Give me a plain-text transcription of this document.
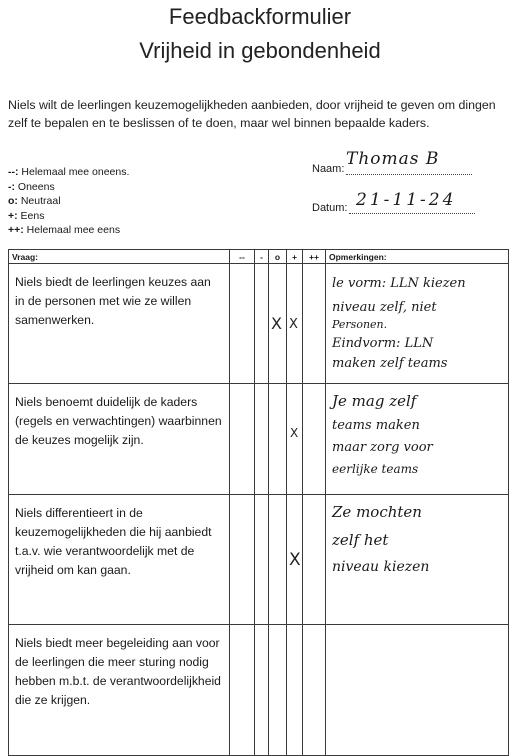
Feedbackformulier
Vrijheid in gebondenheid
Niels wilt de leerlingen keuzemogelijkheden aanbieden, door vrijheid te geven om dingen zelf te bepalen en te beslissen of te doen, maar wel binnen bepaalde kaders.
--: Helemaal mee oneens.
-: Oneens
o: Neutraal
+: Eens
++: Helemaal mee eens
Naam: Thomas B
Datum: 21-11-24
Vraag:	--	-	o	+	++	Opmerkingen:
Niels biedt de leerlingen keuzes aan in de personen met wie ze willen samenwerken.			X	X		le vorm: LLN kiezen
niveau zelf, niet
Personen.
Eindvorm: LLN
maken zelf teams

Niels benoemt duidelijk de kaders (regels en verwachtingen) waarbinnen de keuzes mogelijk zijn.				X		Je mag zelf
teams maken
maar zorg voor
eerlijke teams

Niels differentieert in de keuzemogelijkheden die hij aanbiedt t.a.v. wie verantwoordelijk met de vrijheid om kan gaan.				X		Ze mochten
zelf het
niveau kiezen

Niels biedt meer begeleiding aan voor de leerlingen die meer sturing nodig hebben m.b.t. de verantwoordelijkheid die ze krijgen.	
